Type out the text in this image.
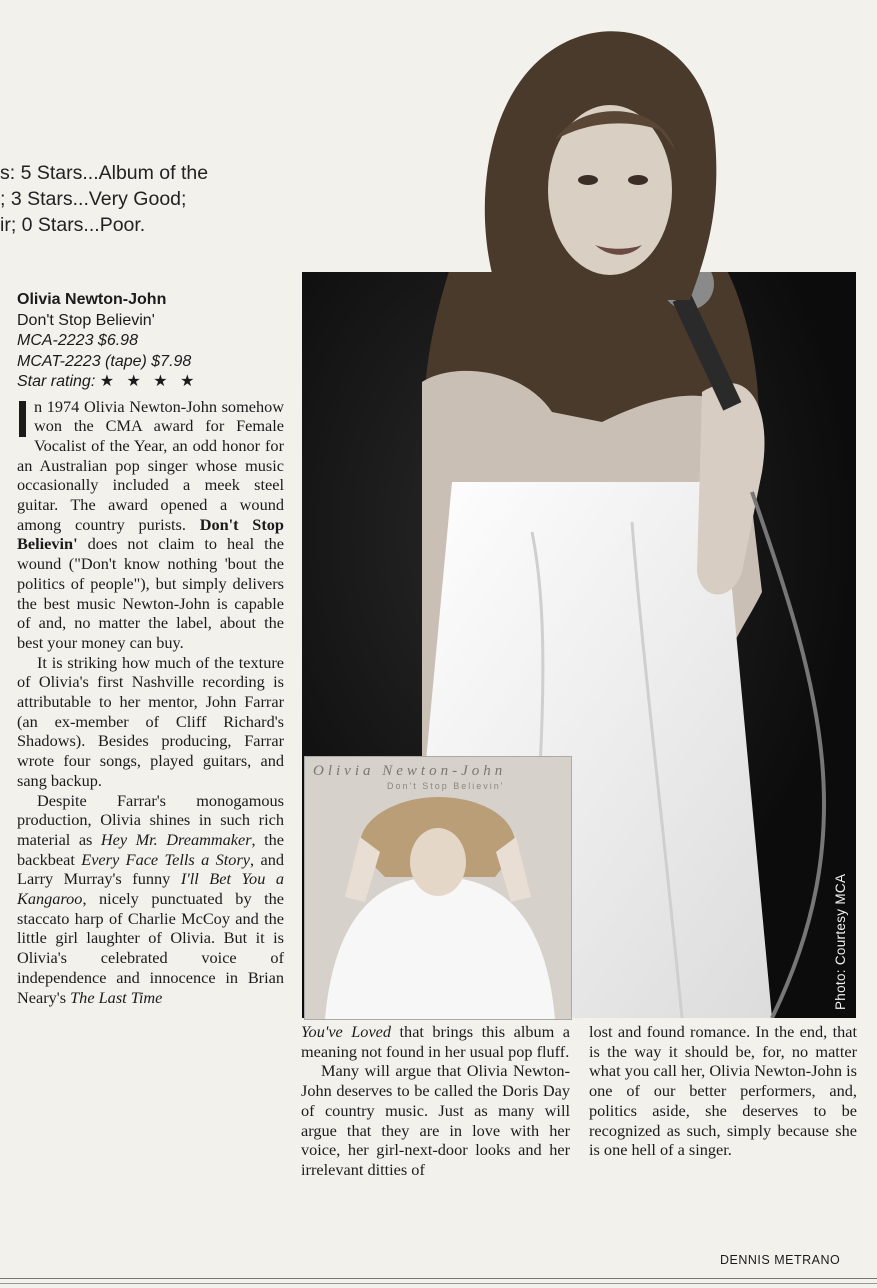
s: 5 Stars...Album of the
; 3 Stars...Very Good;
ir; 0 Stars...Poor.
Photo: Courtesy MCA
Olivia Newton-John
Don't Stop Believin'
Olivia Newton-John
Don't Stop Believin'
MCA-2223 $6.98
MCAT-2223 (tape) $7.98
Star rating: ★ ★ ★ ★

n 1974 Olivia Newton-John somehow won the CMA award for Female Vocalist of the Year, an odd honor for an Australian pop singer whose music occasionally included a meek steel guitar. The award opened a wound among country purists. Don't Stop Believin' does not claim to heal the wound ("Don't know nothing 'bout the politics of people"), but simply delivers the best music Newton-John is capable of and, no matter the label, about the best your money can buy.

It is striking how much of the texture of Olivia's first Nashville recording is attributable to her mentor, John Farrar (an ex-member of Cliff Richard's Shadows). Besides producing, Farrar wrote four songs, played guitars, and sang backup.

Despite Farrar's monogamous production, Olivia shines in such rich material as Hey Mr. Dreammaker, the backbeat Every Face Tells a Story, and Larry Murray's funny I'll Bet You a Kangaroo, nicely punctuated by the staccato harp of Charlie McCoy and the little girl laughter of Olivia. But it is Olivia's celebrated voice of independence and innocence in Brian Neary's The Last Time

You've Loved that brings this album a meaning not found in her usual pop fluff.

Many will argue that Olivia Newton-John deserves to be called the Doris Day of country music. Just as many will argue that they are in love with her voice, her girl-next-door looks and her irrelevant ditties of

lost and found romance. In the end, that is the way it should be, for, no matter what you call her, Olivia Newton-John is one of our better performers, and, politics aside, she deserves to be recognized as such, simply because she is one hell of a singer.

DENNIS METRANO
